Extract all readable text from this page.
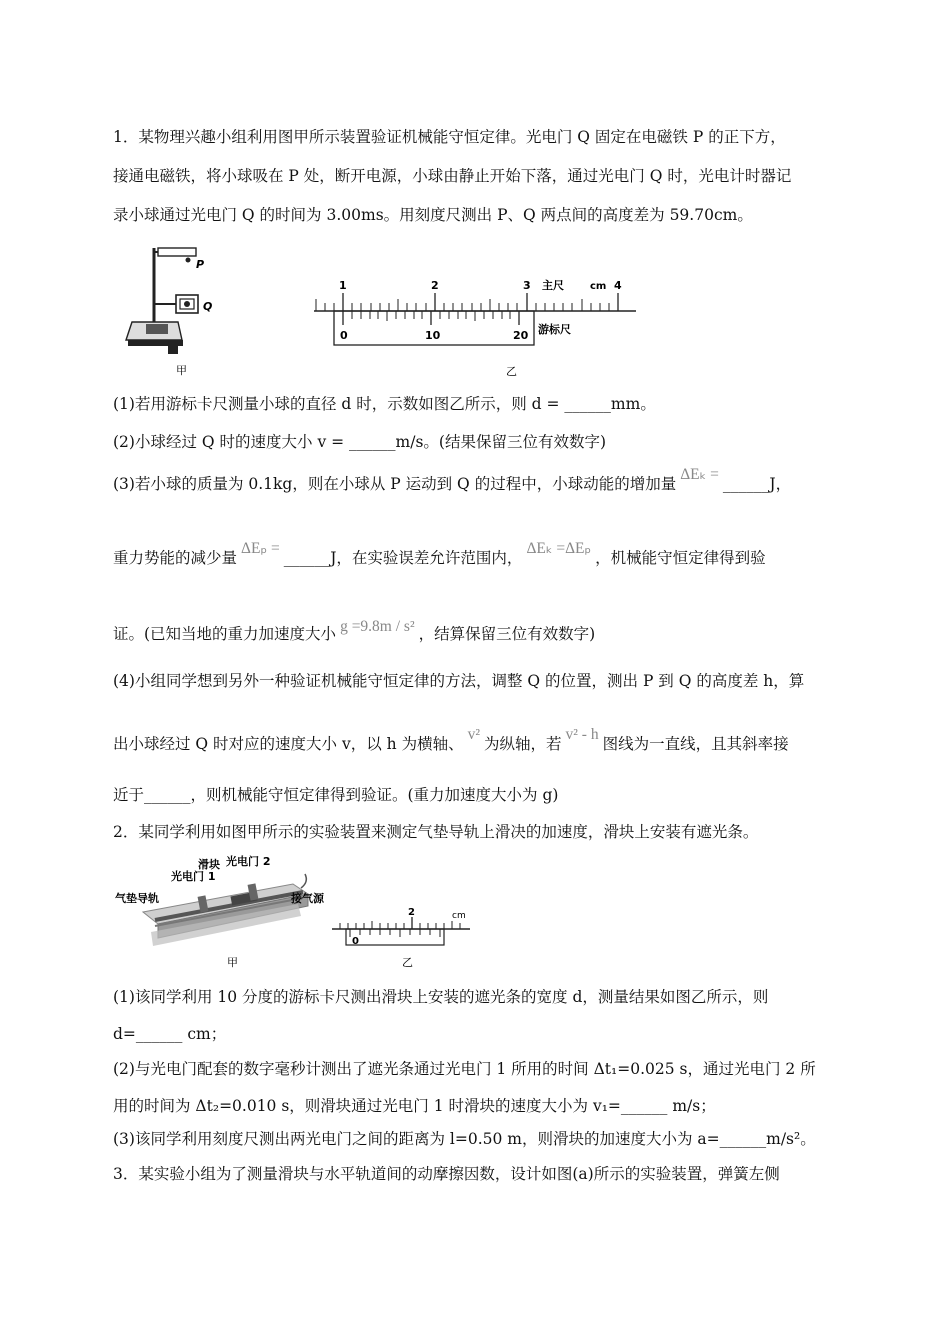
1．某物理兴趣小组利用图甲所示装置验证机械能守恒定律。光电门 Q 固定在电磁铁 P 的正下方，
接通电磁铁，将小球吸在 P 处，断开电源，小球由静止开始下落，通过光电门 Q 时，光电计时器记
录小球通过光电门 Q 的时间为 3.00ms。用刻度尺测出 P、Q 两点间的高度差为 59.70cm。
P
Q
甲
1	2	3 主尺	cm 4
0	10	20 游标尺
乙
(1)若用游标卡尺测量小球的直径 d 时，示数如图乙所示，则 d = ______mm。
(2)小球经过 Q 时的速度大小 v = ______m/s。(结果保留三位有效数字)
(3)若小球的质量为 0.1kg，则在小球从 P 运动到 Q 的过程中，小球动能的增加量ΔEₖ =______J，
重力势能的减少量ΔEₚ =______J，在实验误差允许范围内，ΔEₖ =ΔEₚ，机械能守恒定律得到验
证。(已知当地的重力加速度大小 g =9.8m / s² ，结算保留三位有效数字)
(4)小组同学想到另外一种验证机械能守恒定律的方法，调整 Q 的位置，测出 P 到 Q 的高度差 h，算
出小球经过 Q 时对应的速度大小 v，以 h 为横轴、v²为纵轴，若v² - h图线为一直线，且其斜率接
近于______，则机械能守恒定律得到验证。(重力加速度大小为 g)
2．某同学利用如图甲所示的实验装置来测定气垫导轨上滑决的加速度，滑块上安装有遮光条。
光电门 1
滑块 光电门 2
气垫导轨	接气源
甲
2	cm
0
乙
(1)该同学利用 10 分度的游标卡尺测出滑块上安装的遮光条的宽度 d，测量结果如图乙所示，则
d=______ cm；
(2)与光电门配套的数字毫秒计测出了遮光条通过光电门 1 所用的时间 Δt₁=0.025 s，通过光电门 2 所
用的时间为 Δt₂=0.010 s，则滑块通过光电门 1 时滑块的速度大小为 v₁=______ m/s；
(3)该同学利用刻度尺测出两光电门之间的距离为 l=0.50 m，则滑块的加速度大小为 a=______m/s²。
3．某实验小组为了测量滑块与水平轨道间的动摩擦因数，设计如图(a)所示的实验装置，弹簧左侧
